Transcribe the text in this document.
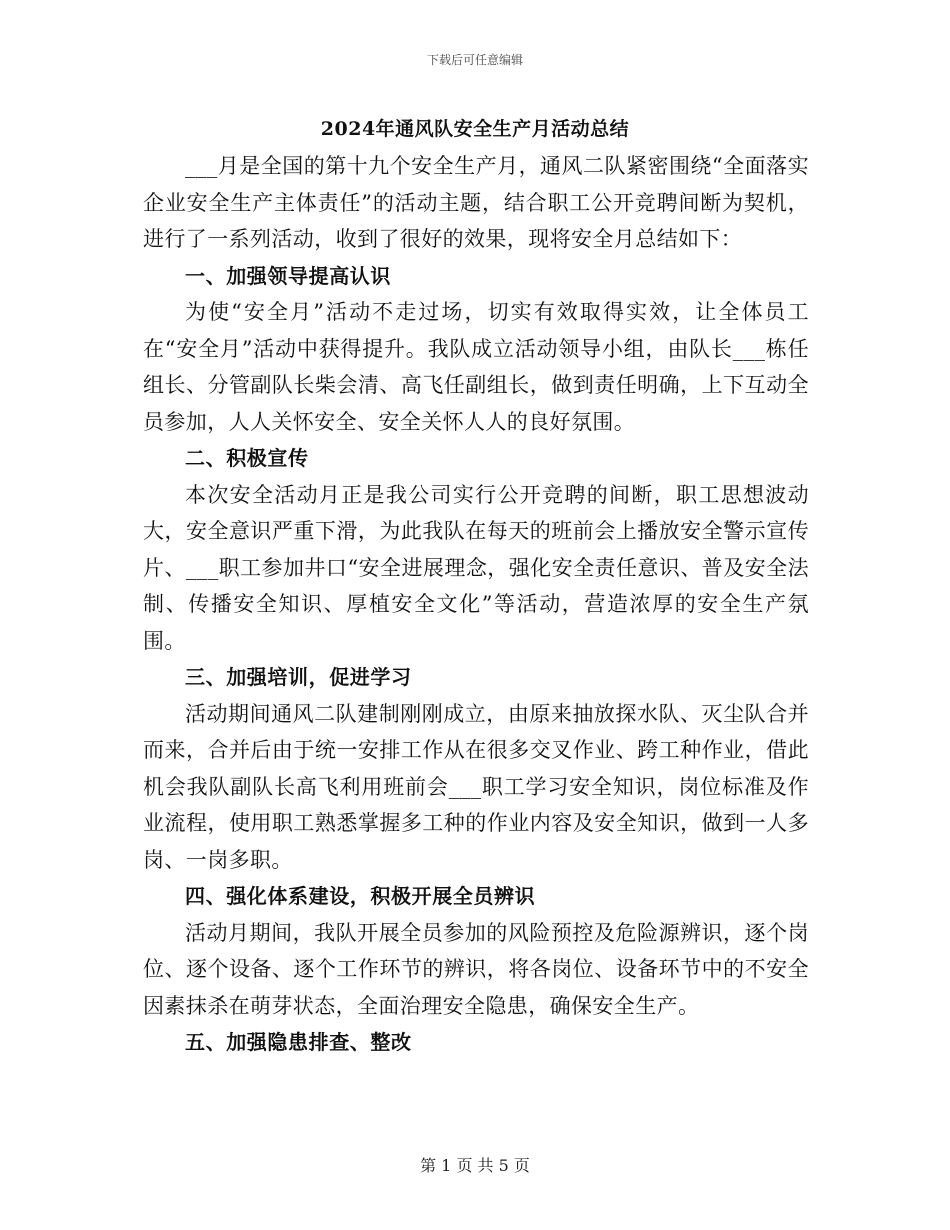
下载后可任意编辑
2024年通风队安全生产月活动总结

___月是全国的第十九个安全生产月，通风二队紧密围绕“全面落实企业安全生产主体责任”的活动主题，结合职工公开竞聘间断为契机，进行了一系列活动，收到了很好的效果，现将安全月总结如下：

一、加强领导提高认识

为使“安全月”活动不走过场，切实有效取得实效，让全体员工在“安全月”活动中获得提升。我队成立活动领导小组，由队长___栋任组长、分管副队长柴会清、高飞任副组长，做到责任明确，上下互动全员参加，人人关怀安全、安全关怀人人的良好氛围。

二、积极宣传

本次安全活动月正是我公司实行公开竞聘的间断，职工思想波动大，安全意识严重下滑，为此我队在每天的班前会上播放安全警示宣传片、___职工参加井口“安全进展理念，强化安全责任意识、普及安全法制、传播安全知识、厚植安全文化”等活动，营造浓厚的安全生产氛围。

三、加强培训，促进学习

活动期间通风二队建制刚刚成立，由原来抽放探水队、灭尘队合并而来，合并后由于统一安排工作从在很多交叉作业、跨工种作业，借此机会我队副队长高飞利用班前会___职工学习安全知识，岗位标准及作业流程，使用职工熟悉掌握多工种的作业内容及安全知识，做到一人多岗、一岗多职。

四、强化体系建设，积极开展全员辨识

活动月期间，我队开展全员参加的风险预控及危险源辨识，逐个岗位、逐个设备、逐个工作环节的辨识，将各岗位、设备环节中的不安全因素抹杀在萌芽状态，全面治理安全隐患，确保安全生产。

五、加强隐患排查、整改

第 1 页 共 5 页
